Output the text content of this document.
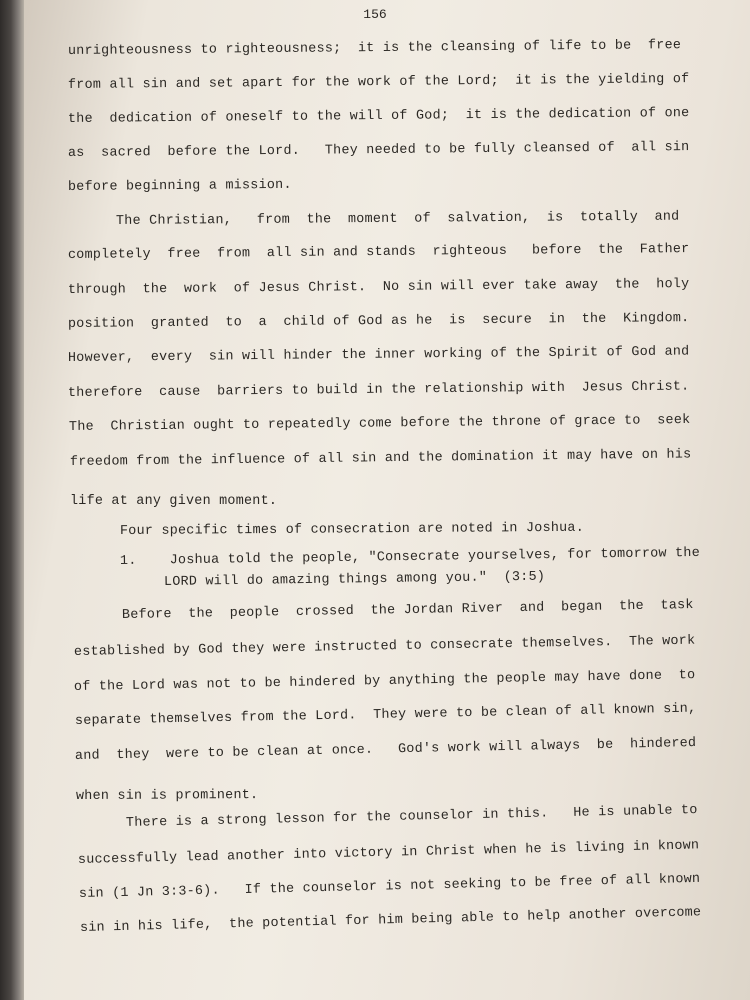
156
unrighteousness to righteousness;  it is the cleansing of life to be  free
from all sin and set apart for the work of the Lord;  it is the yielding of
the  dedication of oneself to the will of God;  it is the dedication of one
as  sacred  before the Lord.   They needed to be fully cleansed of  all sin
before beginning a mission.
The Christian,   from  the  moment  of  salvation,  is  totally  and
completely  free  from  all sin and stands  righteous   before  the  Father
through  the  work  of Jesus Christ.  No sin will ever take away  the  holy
position  granted  to  a  child of God as he  is  secure  in  the  Kingdom.
However,  every  sin will hinder the inner working of the Spirit of God and
therefore  cause  barriers to build in the relationship with  Jesus Christ.
The  Christian ought to repeatedly come before the throne of grace to  seek
freedom from the influence of all sin and the domination it may have on his
life at any given moment.
Four specific times of consecration are noted in Joshua.
1.    Joshua told the people, "Consecrate yourselves, for tomorrow the
LORD will do amazing things among you."  (3:5)
Before  the  people  crossed  the Jordan River  and  began  the  task
established by God they were instructed to consecrate themselves.  The work
of the Lord was not to be hindered by anything the people may have done  to
separate themselves from the Lord.  They were to be clean of all known sin,
and  they  were to be clean at once.   God's work will always  be  hindered
when sin is prominent.
There is a strong lesson for the counselor in this.   He is unable to
successfully lead another into victory in Christ when he is living in known
sin (1 Jn 3:3-6).   If the counselor is not seeking to be free of all known
sin in his life,  the potential for him being able to help another overcome
